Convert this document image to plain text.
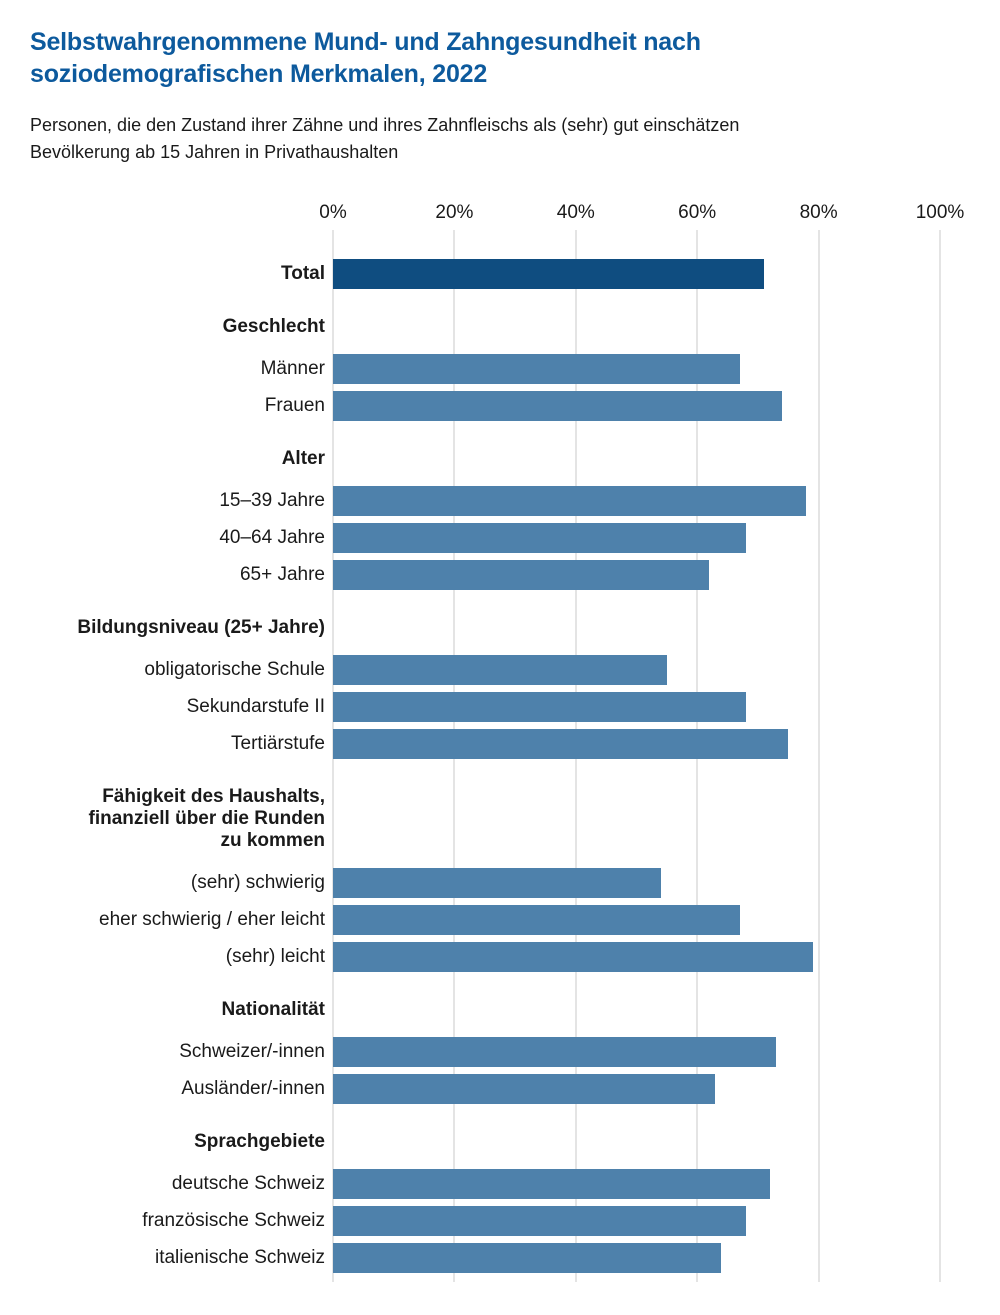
Selbstwahrgenommene Mund- und Zahngesundheit nach
soziodemografischen Merkmalen, 2022
Personen, die den Zustand ihrer Zähne und ihres Zahnfleischs als (sehr) gut einschätzen
Bevölkerung ab 15 Jahren in Privathaushalten
0%	20%	40%	60%	80%	100%
Total
Geschlecht
Männer
Frauen
Alter
15–39 Jahre
40–64 Jahre
65+ Jahre
Bildungsniveau (25+ Jahre)
obligatorische Schule
Sekundarstufe II
Tertiärstufe
Fähigkeit des Haushalts,
finanziell über die Runden
zu kommen
(sehr) schwierig
eher schwierig / eher leicht
(sehr) leicht
Nationalität
Schweizer/-innen
Ausländer/-innen
Sprachgebiete
deutsche Schweiz
französische Schweiz
italienische Schweiz
